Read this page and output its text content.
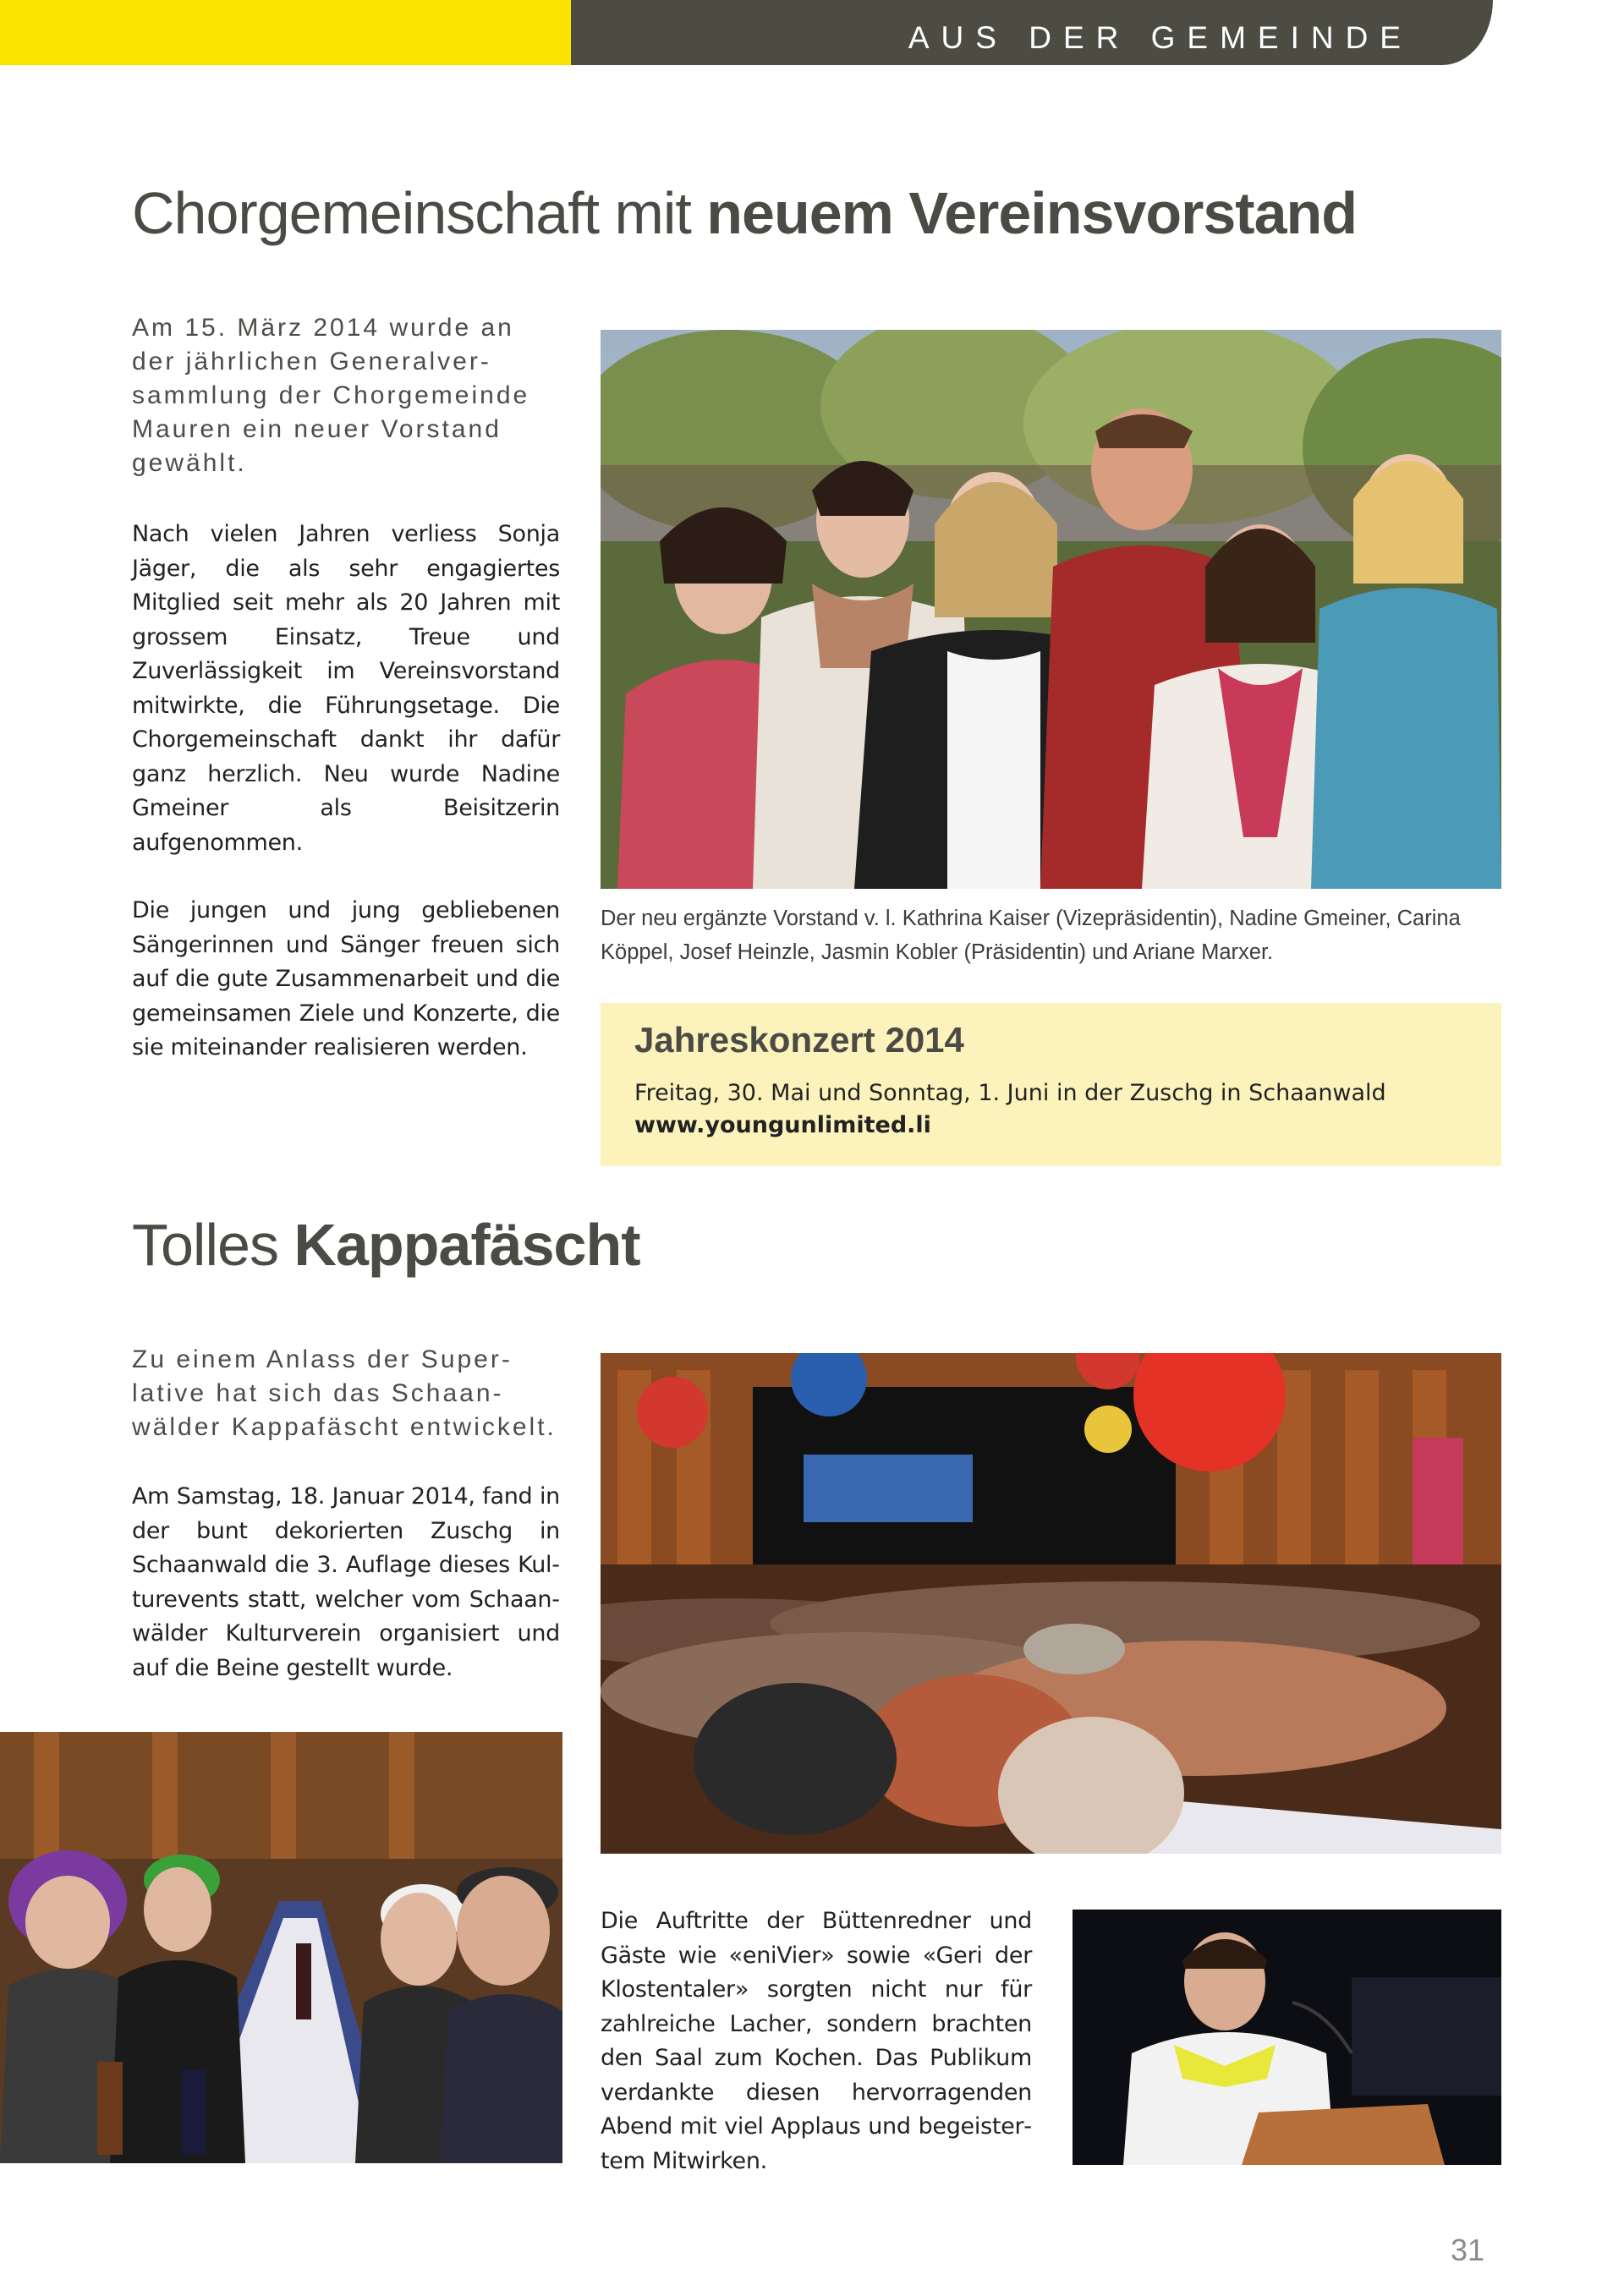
AUS DER GEMEINDE
Chorgemeinschaft mit neuem Vereinsvorstand
Am 15. März 2014 wurde an der jährlichen Generalversammlung der Chorgemeinde Mauren ein neuer Vorstand gewählt.

Nach vielen Jahren verliess Sonja Jäger, die als sehr engagiertes Mitglied seit mehr als 20 Jahren mit grossem Einsatz, Treue und Zuverlässigkeit im Vereinsvorstand mitwirkte, die Führungsetage. Die Chorgemeinschaft dankt ihr dafür ganz herzlich. Neu wurde Nadine Gmeiner als Beisitzerin aufgenommen.

Die jungen und jung gebliebenen Sängerinnen und Sänger freuen sich auf die gute Zusammenarbeit und die gemeinsamen Ziele und Konzerte, die sie miteinander realisieren werden.

Der neu ergänzte Vorstand v. l. Kathrina Kaiser (Vizepräsidentin), Nadine Gmeiner, Carina Köppel, Josef Heinzle, Jasmin Kobler (Präsidentin) und Ariane Marxer.
Jahreskonzert 2014
Freitag, 30. Mai und Sonntag, 1. Juni in der Zuschg in Schaanwald
www.youngunlimited.li
Tolles Kappafäscht
Zu einem Anlass der Superlative hat sich das Schaanwälder Kappafäscht entwickelt.

Am Samstag, 18. Januar 2014, fand in der bunt dekorierten Zuschg in Schaanwald die 3. Auflage dieses Kulturevents statt, welcher vom Schaanwälder Kulturverein organisiert und auf die Beine gestellt wurde.

Die Auftritte der Büttenredner und Gäste wie «eniVier» sowie «Geri der Klostentaler» sorgten nicht nur für zahlreiche Lacher, sondern brachten den Saal zum Kochen. Das Publikum verdankte diesen hervorragenden Abend mit viel Applaus und begeistertem Mitwirken.

31
